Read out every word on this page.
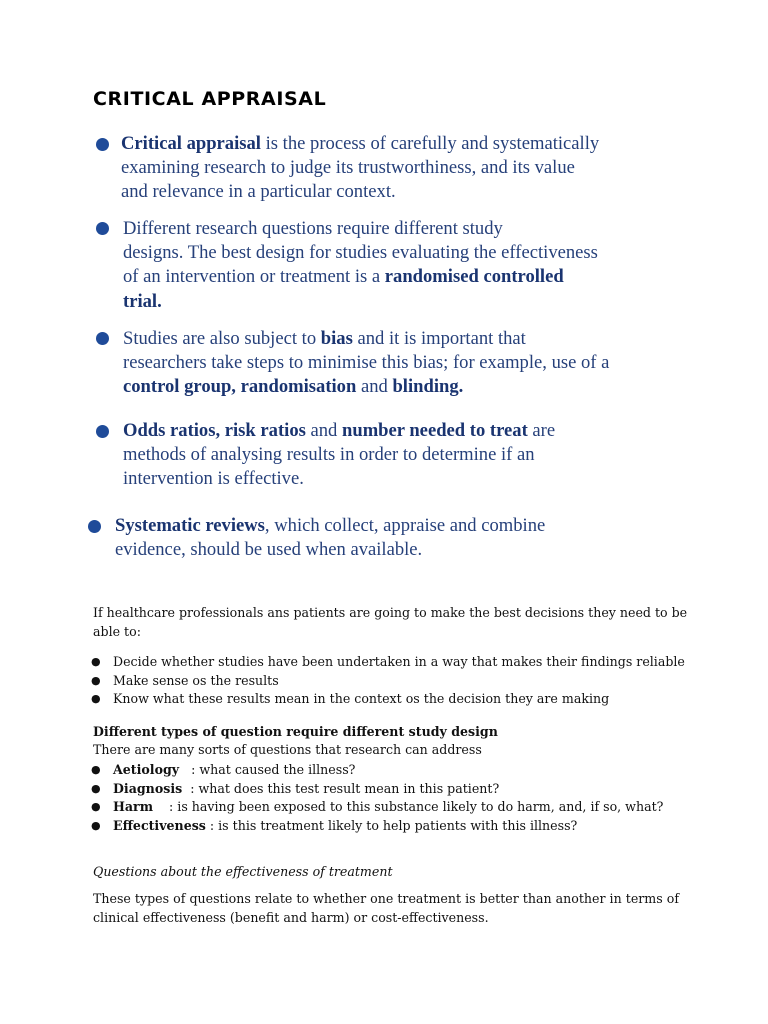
CRITICAL APPRAISAL
Critical appraisal is the process of carefully and systematically
examining research to judge its trustworthiness, and its value
and relevance in a particular context.
Different research questions require different study
designs. The best design for studies evaluating the effectiveness
of an intervention or treatment is a randomised controlled
trial.
Studies are also subject to bias and it is important that
researchers take steps to minimise this bias; for example, use of a
control group, randomisation and blinding.
Odds ratios, risk ratios and number needed to treat are
methods of analysing results in order to determine if an
intervention is effective.
Systematic reviews, which collect, appraise and combine
evidence, should be used when available.
If healthcare professionals ans patients are going to make the best decisions they need to be able to:
● Decide whether studies have been undertaken in a way that makes their findings reliable
● Make sense os the results
● Know what these results mean in the context os the decision they are making
Different types of question require different study design
There are many sorts of questions that research can address
● Aetiology   : what caused the illness?
● Diagnosis  : what does this test result mean in this patient?
● Harm    : is having been exposed to this substance likely to do harm, and, if so, what?
● Effectiveness : is this treatment likely to help patients with this illness?
Questions about the effectiveness of treatment
These types of questions relate to whether one treatment is better than another in terms of clinical effectiveness (benefit and harm) or cost-effectiveness.
